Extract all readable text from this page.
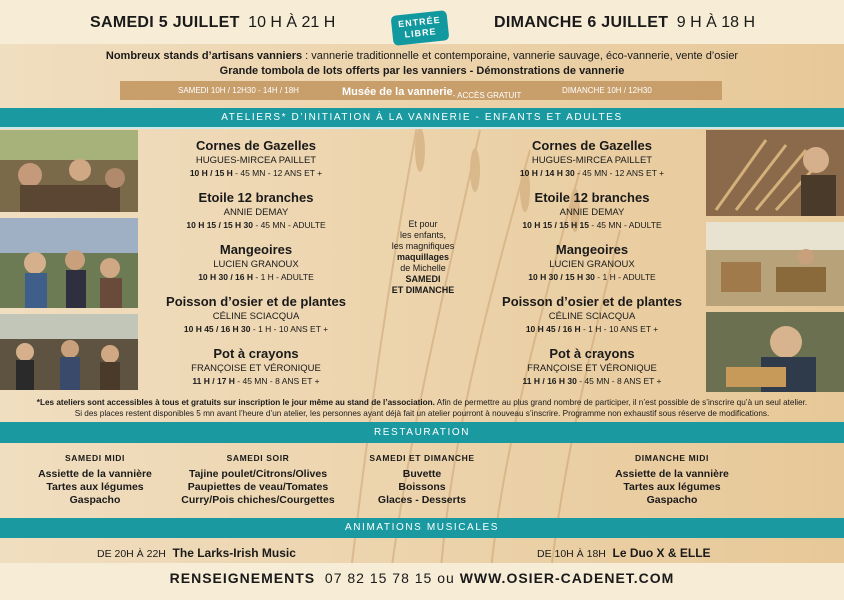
SAMEDI 5 JUILLET 10 H À 21 H	ENTRÉE
LIBRE
DIMANCHE 6 JUILLET 9 H À 18 H
Nombreux stands d’artisans vanniers : vannerie traditionnelle et contemporaine, vannerie sauvage, éco-vannerie, vente d’osier
Grande tombola de lots offerts par les vanniers - Démonstrations de vannerie
SAMEDI 10H / 12H30 - 14H / 18H	Musée de la vannerie - ACCÈS GRATUIT
DIMANCHE 10H / 12H30
ATELIERS* D’INITIATION À LA VANNERIE - ENFANTS ET ADULTES
Cornes de Gazelles
HUGUES-MIRCEA PAILLET
10 H / 15 H - 45 MN - 12 ANS ET +
Etoile 12 branches
ANNIE DEMAY
10 H 15 / 15 H 30 - 45 MN - ADULTE
Mangeoires
LUCIEN GRANOUX
10 H 30 / 16 H - 1 H - ADULTE
Poisson d’osier et de plantes
CÉLINE SCIACQUA
10 H 45 / 16 H 30 - 1 H - 10 ANS ET +
Pot à crayons
FRANÇOISE ET VÉRONIQUE
11 H / 17 H - 45 MN - 8 ANS ET +
Et pour
les enfants,
les magnifiques
maquillages
de Michelle
SAMEDI
ET DIMANCHE
Cornes de Gazelles
HUGUES-MIRCEA PAILLET
10 H / 14 H 30 - 45 MN - 12 ANS ET +
Etoile 12 branches
ANNIE DEMAY
10 H 15 / 15 H 15 - 45 MN - ADULTE
Mangeoires
LUCIEN GRANOUX
10 H 30 / 15 H 30 - 1 H - ADULTE
Poisson d’osier et de plantes
CÉLINE SCIACQUA
10 H 45 / 16 H - 1 H - 10 ANS ET +
Pot à crayons
FRANÇOISE ET VÉRONIQUE
11 H / 16 H 30 - 45 MN - 8 ANS ET +
*Les ateliers sont accessibles à tous et gratuits sur inscription le jour même au stand de l’association. Afin de permettre au plus grand nombre de participer, il n’est possible de s’inscrire qu’à un seul atelier.
Si des places restent disponibles 5 mn avant l’heure d’un atelier, les personnes ayant déjà fait un atelier pourront à nouveau s’inscrire. Programme non exhaustif sous réserve de modifications.
RESTAURATION
SAMEDI MIDI
Assiette de la vannière
Tartes aux légumes
Gaspacho
SAMEDI SOIR
Tajine poulet/Citrons/Olives
Paupiettes de veau/Tomates
Curry/Pois chiches/Courgettes
SAMEDI ET DIMANCHE
Buvette
Boissons
Glaces - Desserts
DIMANCHE MIDI
Assiette de la vannière
Tartes aux légumes
Gaspacho
ANIMATIONS MUSICALES
DE 20H À 22H The Larks-Irish Music	DE 10H À 18H Le Duo X & ELLE
RENSEIGNEMENTS 07 82 15 78 15 ou WWW.OSIER-CADENET.COM
